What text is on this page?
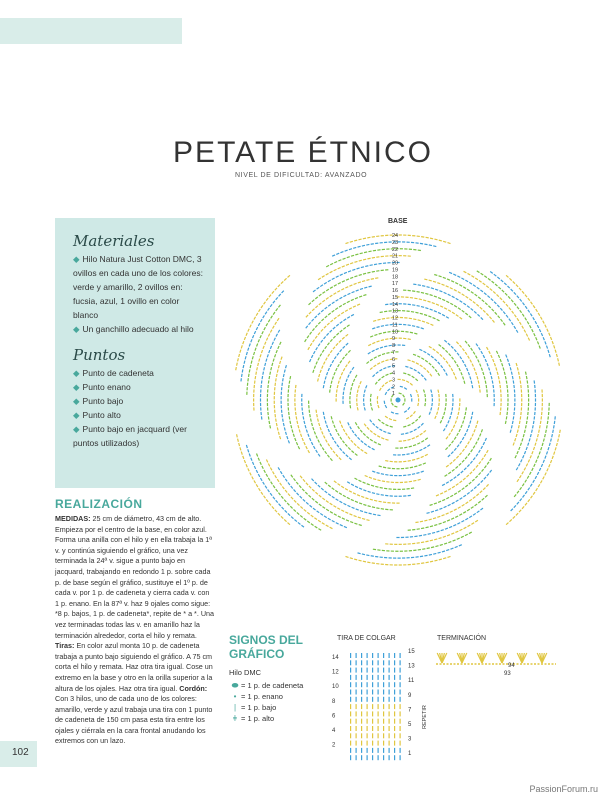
PETATE ÉTNICO
NIVEL DE DIFICULTAD: AVANZADO
Materiales
◆ Hilo Natura Just Cotton DMC, 3 ovillos en cada uno de los colores: verde y amarillo, 2 ovillos en: fucsia, azul, 1 ovillo en color blanco
◆ Un ganchillo adecuado al hilo
Puntos
◆ Punto de cadeneta
◆ Punto enano
◆ Punto bajo
◆ Punto alto
◆ Punto bajo en jacquard (ver puntos utilizados)
REALIZACIÓN
MEDIDAS: 25 cm de diámetro, 43 cm de alto. Empieza por el centro de la base, en color azul. Forma una anilla con el hilo y en ella trabaja la 1ª v. y continúa siguiendo el gráfico, una vez terminada la 24ª v. sigue a punto bajo en jacquard, trabajando en redondo 1 p. sobre cada p. de base según el gráfico, sustituye el 1º p. de cada v. por 1 p. de cadeneta y cierra cada v. con 1 p. enano. En la 87ª v. haz 9 ojales como sigue: *8 p. bajos, 1 p. de cadeneta*, repite de * a *. Una vez terminadas todas las v. en amarillo haz la terminación alrededor, corta el hilo y remata. Tiras: En color azul monta 10 p. de cadeneta trabaja a punto bajo siguiendo el gráfico. A 75 cm corta el hilo y remata. Haz otra tira igual. Cose un extremo en la base y otro en la orilla superior a la altura de los ojales. Haz otra tira igual. Cordón: Con 3 hilos, uno de cada uno de los colores: amarillo, verde y azul trabaja una tira con 1 punto de cadeneta de 150 cm pasa esta tira entre los ojales y ciérrala en la cara frontal anudando los extremos con un lazo.
BASE
24
23
22
21
20
19
18
17
16
15
14
13
12
11
10
9
8
7
6
5
4
3
2
1
SIGNOS DEL GRÁFICO
Hilo DMC
⬬ = 1 p. de cadeneta
• = 1 p. enano
| = 1 p. bajo
ǂ = 1 p. alto
TIRA DE COLGAR
14
12
10
8
6
4
2
15
13
11
9
7
5
3
1
REPETIR
TERMINACIÓN
94
93
102
PassionForum.ru
